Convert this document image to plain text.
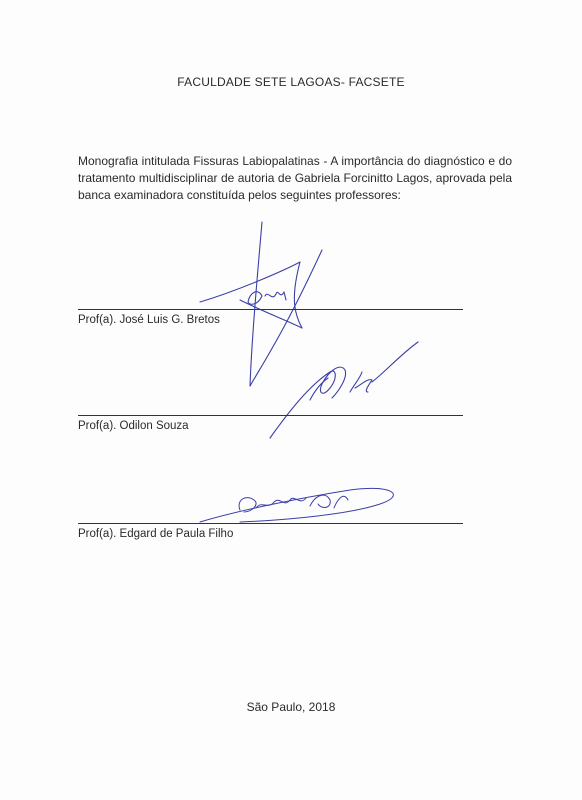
FACULDADE SETE LAGOAS- FACSETE
Monografia intitulada Fissuras Labiopalatinas - A importância do diagnóstico e do tratamento multidisciplinar de autoria de Gabriela Forcinitto Lagos, aprovada pela banca examinadora constituída pelos seguintes professores:
Prof(a). José Luis G. Bretos
Prof(a). Odilon Souza
Prof(a). Edgard de Paula Filho
São Paulo, 2018
